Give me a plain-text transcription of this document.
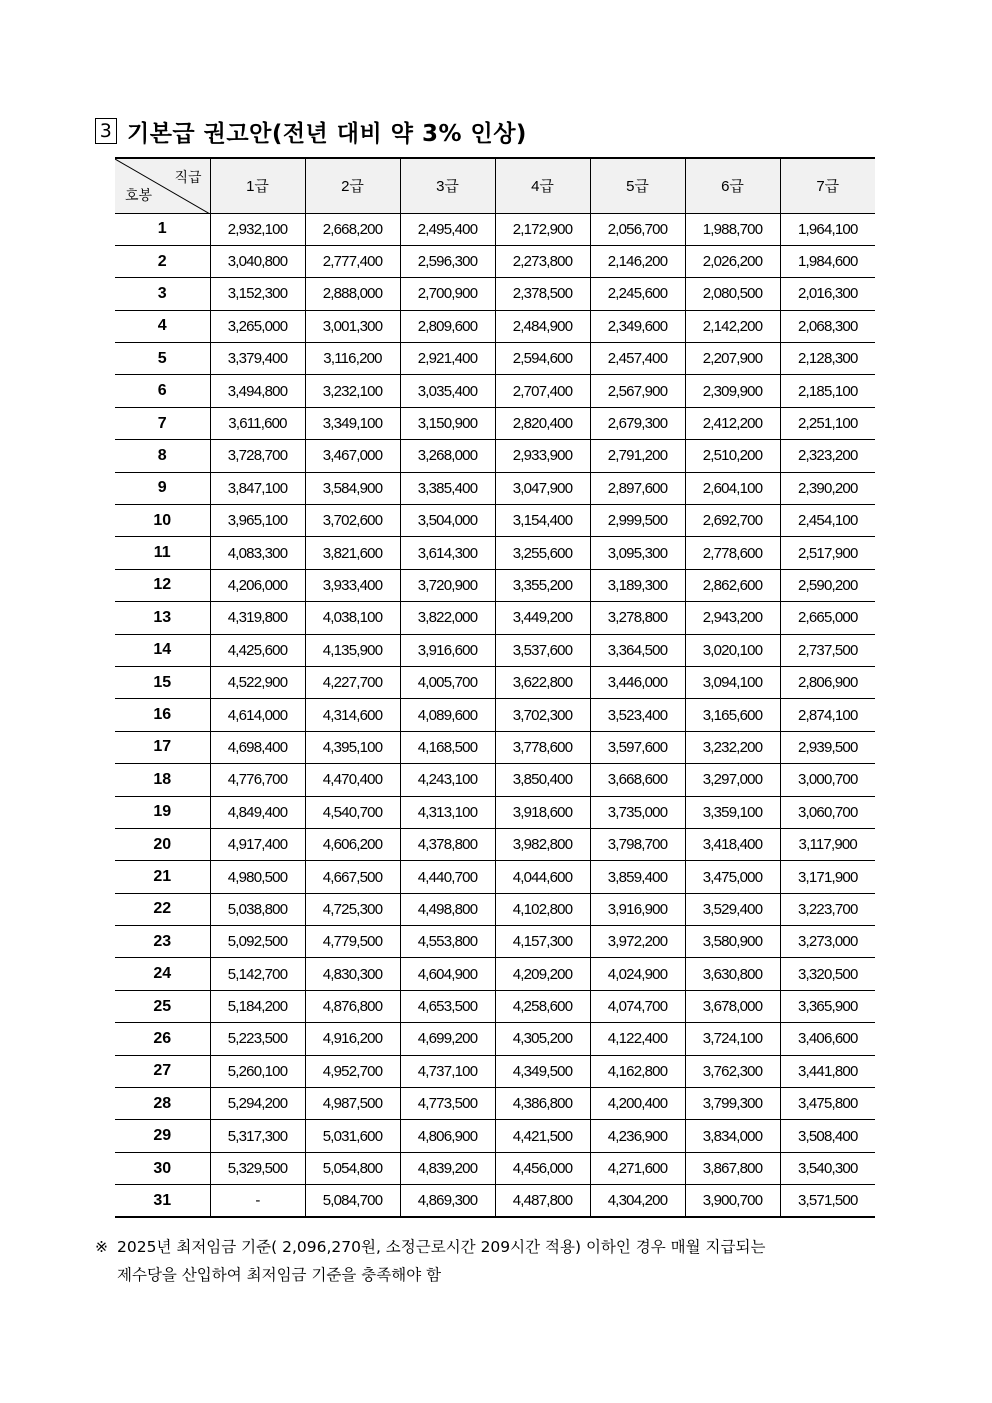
3 기본급 권고안(전년 대비 약 3% 인상)
직급
호봉	1급	2급	3급	4급	5급	6급	7급
1	2,932,100	2,668,200	2,495,400	2,172,900	2,056,700	1,988,700	1,964,100
2	3,040,800	2,777,400	2,596,300	2,273,800	2,146,200	2,026,200	1,984,600
3	3,152,300	2,888,000	2,700,900	2,378,500	2,245,600	2,080,500	2,016,300
4	3,265,000	3,001,300	2,809,600	2,484,900	2,349,600	2,142,200	2,068,300
5	3,379,400	3,116,200	2,921,400	2,594,600	2,457,400	2,207,900	2,128,300
6	3,494,800	3,232,100	3,035,400	2,707,400	2,567,900	2,309,900	2,185,100
7	3,611,600	3,349,100	3,150,900	2,820,400	2,679,300	2,412,200	2,251,100
8	3,728,700	3,467,000	3,268,000	2,933,900	2,791,200	2,510,200	2,323,200
9	3,847,100	3,584,900	3,385,400	3,047,900	2,897,600	2,604,100	2,390,200
10	3,965,100	3,702,600	3,504,000	3,154,400	2,999,500	2,692,700	2,454,100
11	4,083,300	3,821,600	3,614,300	3,255,600	3,095,300	2,778,600	2,517,900
12	4,206,000	3,933,400	3,720,900	3,355,200	3,189,300	2,862,600	2,590,200
13	4,319,800	4,038,100	3,822,000	3,449,200	3,278,800	2,943,200	2,665,000
14	4,425,600	4,135,900	3,916,600	3,537,600	3,364,500	3,020,100	2,737,500
15	4,522,900	4,227,700	4,005,700	3,622,800	3,446,000	3,094,100	2,806,900
16	4,614,000	4,314,600	4,089,600	3,702,300	3,523,400	3,165,600	2,874,100
17	4,698,400	4,395,100	4,168,500	3,778,600	3,597,600	3,232,200	2,939,500
18	4,776,700	4,470,400	4,243,100	3,850,400	3,668,600	3,297,000	3,000,700
19	4,849,400	4,540,700	4,313,100	3,918,600	3,735,000	3,359,100	3,060,700
20	4,917,400	4,606,200	4,378,800	3,982,800	3,798,700	3,418,400	3,117,900
21	4,980,500	4,667,500	4,440,700	4,044,600	3,859,400	3,475,000	3,171,900
22	5,038,800	4,725,300	4,498,800	4,102,800	3,916,900	3,529,400	3,223,700
23	5,092,500	4,779,500	4,553,800	4,157,300	3,972,200	3,580,900	3,273,000
24	5,142,700	4,830,300	4,604,900	4,209,200	4,024,900	3,630,800	3,320,500
25	5,184,200	4,876,800	4,653,500	4,258,600	4,074,700	3,678,000	3,365,900
26	5,223,500	4,916,200	4,699,200	4,305,200	4,122,400	3,724,100	3,406,600
27	5,260,100	4,952,700	4,737,100	4,349,500	4,162,800	3,762,300	3,441,800
28	5,294,200	4,987,500	4,773,500	4,386,800	4,200,400	3,799,300	3,475,800
29	5,317,300	5,031,600	4,806,900	4,421,500	4,236,900	3,834,000	3,508,400
30	5,329,500	5,054,800	4,839,200	4,456,000	4,271,600	3,867,800	3,540,300
31	-	5,084,700	4,869,300	4,487,800	4,304,200	3,900,700	3,571,500
※ 2025년 최저임금 기준( 2,096,270원, 소정근로시간 209시간 적용) 이하인 경우 매월 지급되는
제수당을 산입하여 최저임금 기준을 충족해야 함
